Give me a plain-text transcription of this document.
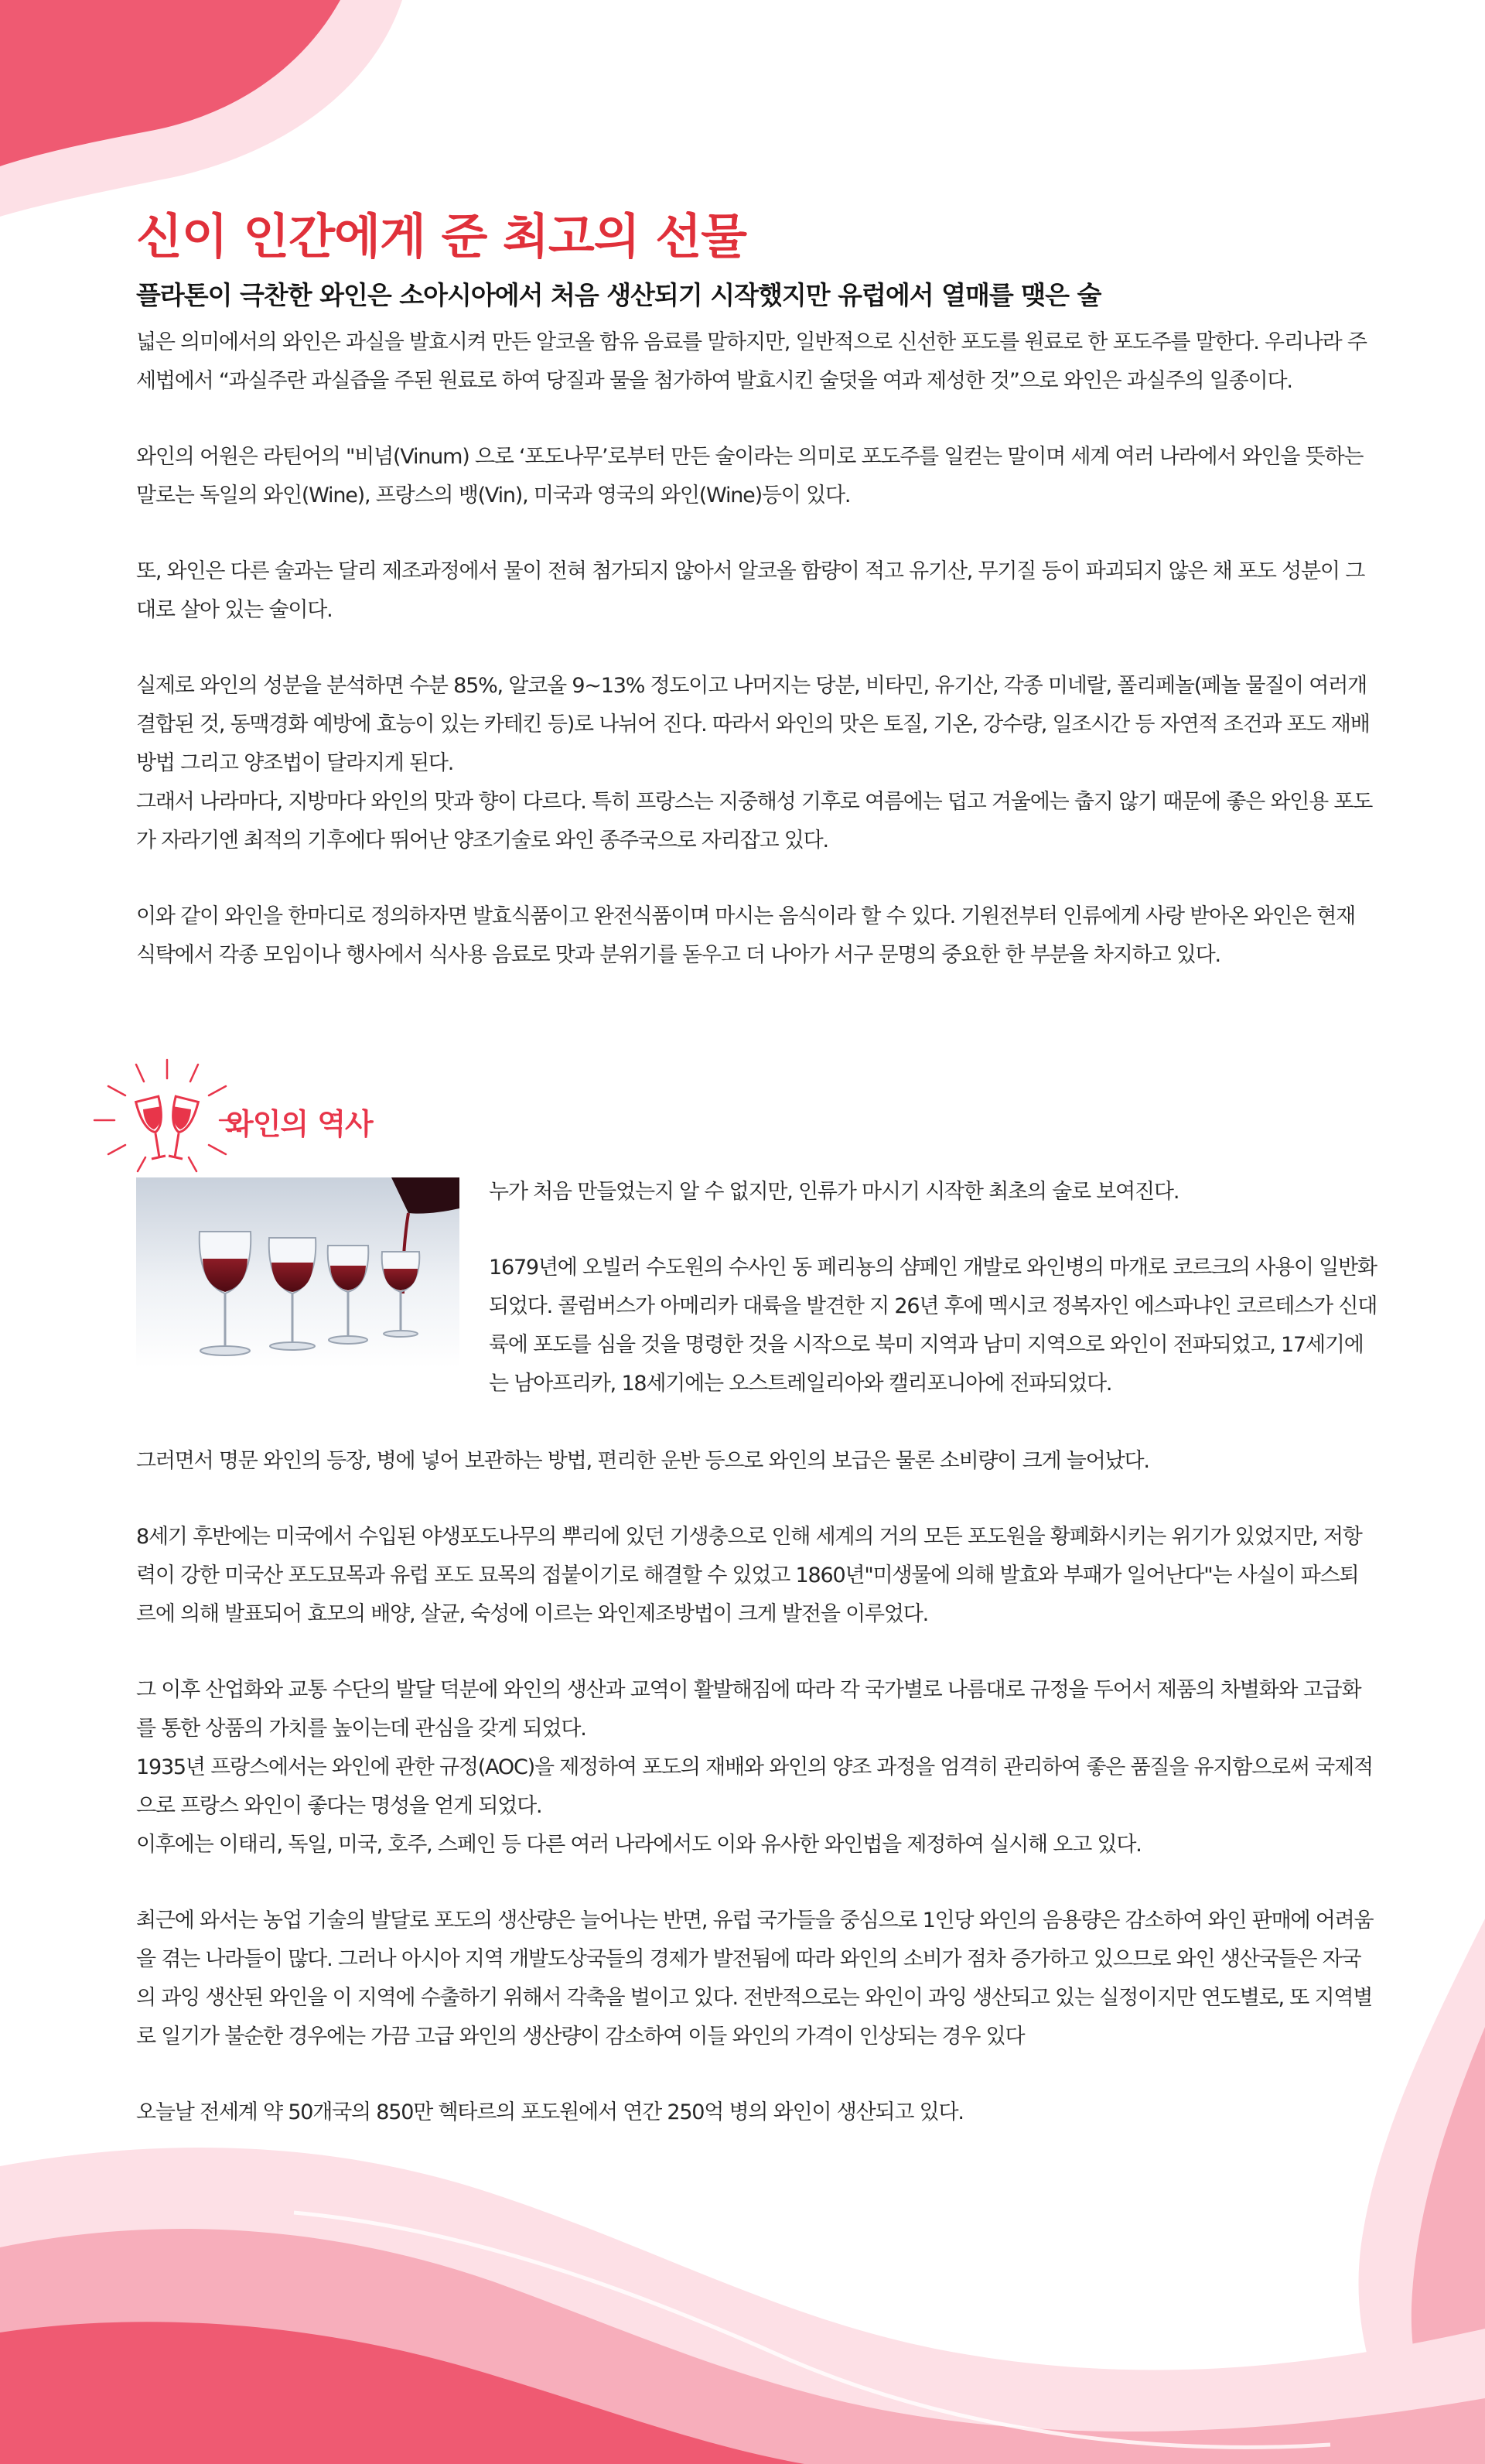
신이 인간에게 준 최고의 선물
플라톤이 극찬한 와인은 소아시아에서 처음 생산되기 시작했지만 유럽에서 열매를 맺은 술

넓은 의미에서의 와인은 과실을 발효시켜 만든 알코올 함유 음료를 말하지만, 일반적으로 신선한 포도를 원료로 한 포도주를 말한다. 우리나라 주세법에서 “과실주란 과실즙을 주된 원료로 하여 당질과 물을 첨가하여 발효시킨 술덧을 여과 제성한 것”으로 와인은 과실주의 일종이다.

와인의 어원은 라틴어의 "비넘(Vinum) 으로 ‘포도나무’로부터 만든 술이라는 의미로 포도주를 일컫는 말이며 세계 여러 나라에서 와인을 뜻하는 말로는 독일의 와인(Wine), 프랑스의 뱅(Vin), 미국과 영국의 와인(Wine)등이 있다.

또, 와인은 다른 술과는 달리 제조과정에서 물이 전혀 첨가되지 않아서 알코올 함량이 적고 유기산, 무기질 등이 파괴되지 않은 채 포도 성분이 그대로 살아 있는 술이다.

실제로 와인의 성분을 분석하면 수분 85%, 알코올 9~13% 정도이고 나머지는 당분, 비타민, 유기산, 각종 미네랄, 폴리페놀(페놀 물질이 여러개 결합된 것, 동맥경화 예방에 효능이 있는 카테킨 등)로 나뉘어 진다. 따라서 와인의 맛은 토질, 기온, 강수량, 일조시간 등 자연적 조건과 포도 재배방법 그리고 양조법이 달라지게 된다.
그래서 나라마다, 지방마다 와인의 맛과 향이 다르다. 특히 프랑스는 지중해성 기후로 여름에는 덥고 겨울에는 춥지 않기 때문에 좋은 와인용 포도가 자라기엔 최적의 기후에다 뛰어난 양조기술로 와인 종주국으로 자리잡고 있다.

이와 같이 와인을 한마디로 정의하자면 발효식품이고 완전식품이며 마시는 음식이라 할 수 있다. 기원전부터 인류에게 사랑 받아온 와인은 현재 식탁에서 각종 모임이나 행사에서 식사용 음료로 맛과 분위기를 돋우고 더 나아가 서구 문명의 중요한 한 부분을 차지하고 있다.

와인의 역사

누가 처음 만들었는지 알 수 없지만, 인류가 마시기 시작한 최초의 술로 보여진다.

1679년에 오빌러 수도원의 수사인 동 페리뇽의 샴페인 개발로 와인병의 마개로 코르크의 사용이 일반화 되었다. 콜럼버스가 아메리카 대륙을 발견한 지 26년 후에 멕시코 정복자인 에스파냐인 코르테스가 신대륙에 포도를 심을 것을 명령한 것을 시작으로 북미 지역과 남미 지역으로 와인이 전파되었고, 17세기에는 남아프리카, 18세기에는 오스트레일리아와 캘리포니아에 전파되었다.

그러면서 명문 와인의 등장, 병에 넣어 보관하는 방법, 편리한 운반 등으로 와인의 보급은 물론 소비량이 크게 늘어났다.

8세기 후반에는 미국에서 수입된 야생포도나무의 뿌리에 있던 기생충으로 인해 세계의 거의 모든 포도원을 황폐화시키는 위기가 있었지만, 저항력이 강한 미국산 포도묘목과 유럽 포도 묘목의 접붙이기로 해결할 수 있었고 1860년"미생물에 의해 발효와 부패가 일어난다"는 사실이 파스퇴르에 의해 발표되어 효모의 배양, 살균, 숙성에 이르는 와인제조방법이 크게 발전을 이루었다.

그 이후 산업화와 교통 수단의 발달 덕분에 와인의 생산과 교역이 활발해짐에 따라 각 국가별로 나름대로 규정을 두어서 제품의 차별화와 고급화를 통한 상품의 가치를 높이는데 관심을 갖게 되었다.
1935년 프랑스에서는 와인에 관한 규정(AOC)을 제정하여 포도의 재배와 와인의 양조 과정을 엄격히 관리하여 좋은 품질을 유지함으로써 국제적으로 프랑스 와인이 좋다는 명성을 얻게 되었다.
이후에는 이태리, 독일, 미국, 호주, 스페인 등 다른 여러 나라에서도 이와 유사한 와인법을 제정하여 실시해 오고 있다.

최근에 와서는 농업 기술의 발달로 포도의 생산량은 늘어나는 반면, 유럽 국가들을 중심으로 1인당 와인의 음용량은 감소하여 와인 판매에 어려움을 겪는 나라들이 많다. 그러나 아시아 지역 개발도상국들의 경제가 발전됨에 따라 와인의 소비가 점차 증가하고 있으므로 와인 생산국들은 자국의 과잉 생산된 와인을 이 지역에 수출하기 위해서 각축을 벌이고 있다. 전반적으로는 와인이 과잉 생산되고 있는 실정이지만 연도별로, 또 지역별로 일기가 불순한 경우에는 가끔 고급 와인의 생산량이 감소하여 이들 와인의 가격이 인상되는 경우 있다

오늘날 전세계 약 50개국의 850만 헥타르의 포도원에서 연간 250억 병의 와인이 생산되고 있다.
